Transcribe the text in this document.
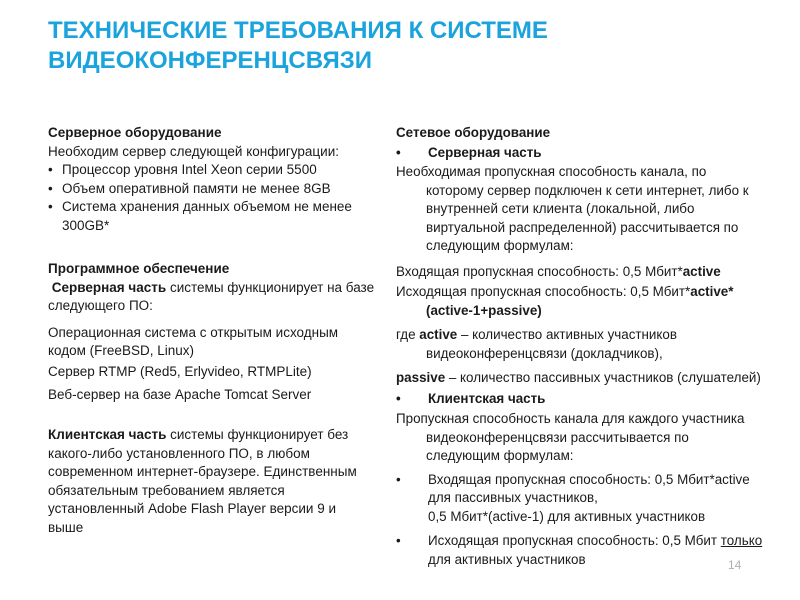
ТЕХНИЧЕСКИЕ ТРЕБОВАНИЯ К СИСТЕМЕ
ВИДЕОКОНФЕРЕНЦСВЯЗИ

Серверное оборудование

Необходим сервер следующей конфигурации:

• Процессор уровня Intel Xeon серии 5500

• Объем оперативной памяти не менее 8GB

• Система хранения данных объемом не менее 300GB*

Программное обеспечение

Серверная часть системы функционирует на базе следующего ПО:

Операционная система с открытым исходным кодом (FreeBSD, Linux)

Сервер RTMP (Red5, Erlyvideo, RTMPLite)

Веб-сервер на базе Apache Tomcat Server

Клиентская часть системы функционирует без какого-либо установленного ПО, в любом современном интернет-браузере. Единственным обязательным требованием является установленный Adobe Flash Player версии 9 и выше

Сетевое оборудование

• Серверная часть

Необходимая пропускная способность канала, по которому сервер подключен к сети интернет, либо к внутренней сети клиента (локальной, либо виртуальной распределенной) рассчитывается по следующим формулам:

Входящая пропускная способность: 0,5 Мбит*active

Исходящая пропускная способность: 0,5 Мбит*active*(active-1+passive)

где active – количество активных участников видеоконференцсвязи (докладчиков),

passive – количество пассивных участников (слушателей)

• Клиентская часть

Пропускная способность канала для каждого участника видеоконференцсвязи рассчитывается по следующим формулам:

• Входящая пропускная способность: 0,5 Мбит*active для пассивных участников,
0,5 Мбит*(active-1) для активных участников

• Исходящая пропускная способность: 0,5 Мбит только для активных участников	14
